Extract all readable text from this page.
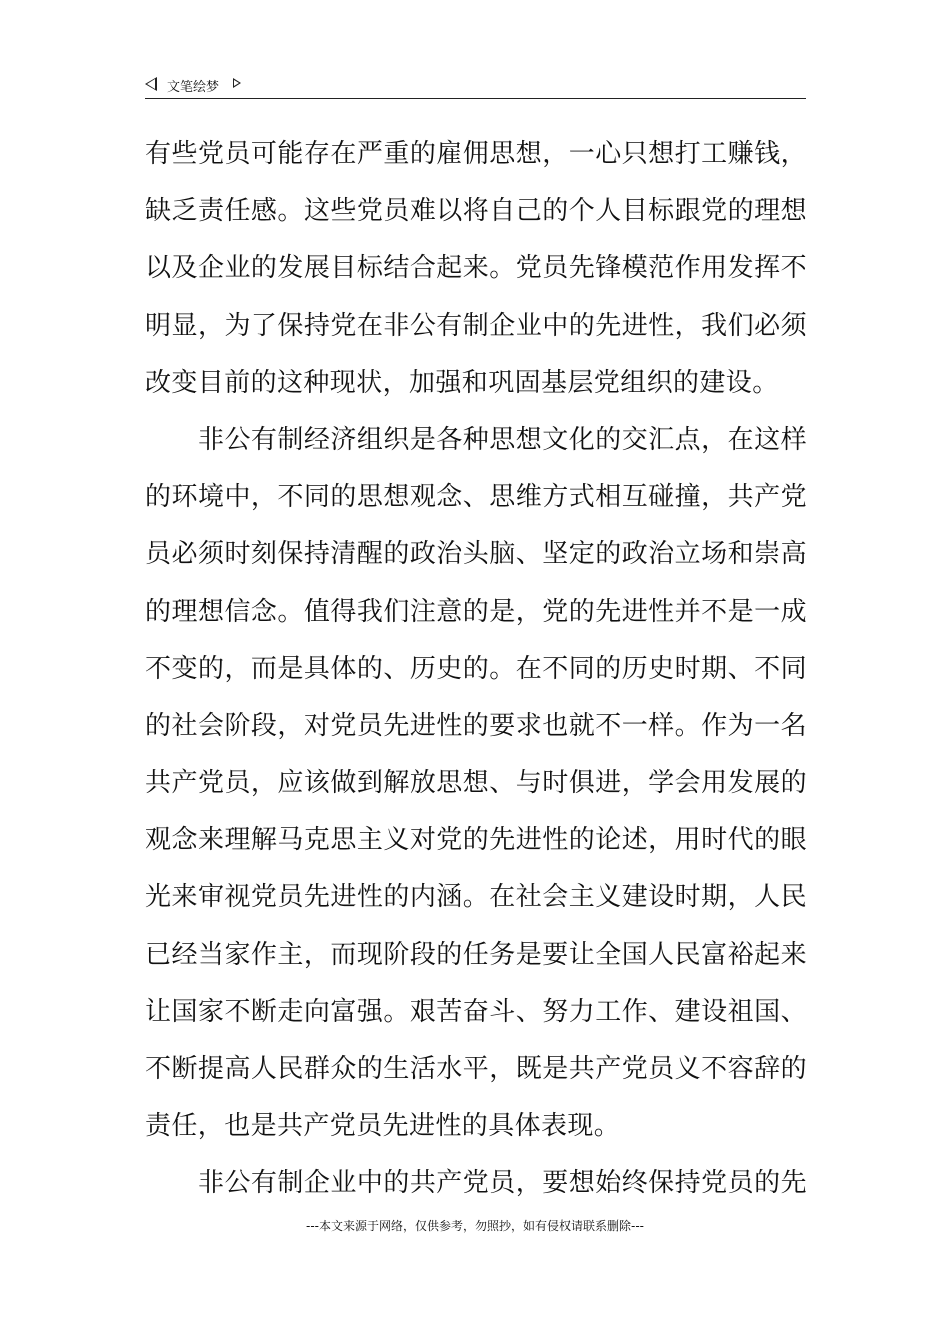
文笔绘梦
有些党员可能存在严重的雇佣思想，一心只想打工赚钱，
缺乏责任感。这些党员难以将自己的个人目标跟党的理想
以及企业的发展目标结合起来。党员先锋模范作用发挥不
明显，为了保持党在非公有制企业中的先进性，我们必须
改变目前的这种现状，加强和巩固基层党组织的建设。
　　非公有制经济组织是各种思想文化的交汇点，在这样
的环境中，不同的思想观念、思维方式相互碰撞，共产党
员必须时刻保持清醒的政治头脑、坚定的政治立场和崇高
的理想信念。值得我们注意的是，党的先进性并不是一成
不变的，而是具体的、历史的。在不同的历史时期、不同
的社会阶段，对党员先进性的要求也就不一样。作为一名
共产党员，应该做到解放思想、与时俱进，学会用发展的
观念来理解马克思主义对党的先进性的论述，用时代的眼
光来审视党员先进性的内涵。在社会主义建设时期，人民
已经当家作主，而现阶段的任务是要让全国人民富裕起来
让国家不断走向富强。艰苦奋斗、努力工作、建设祖国、
不断提高人民群众的生活水平，既是共产党员义不容辞的
责任，也是共产党员先进性的具体表现。
　　非公有制企业中的共产党员，要想始终保持党员的先
---本文来源于网络，仅供参考，勿照抄，如有侵权请联系删除---
